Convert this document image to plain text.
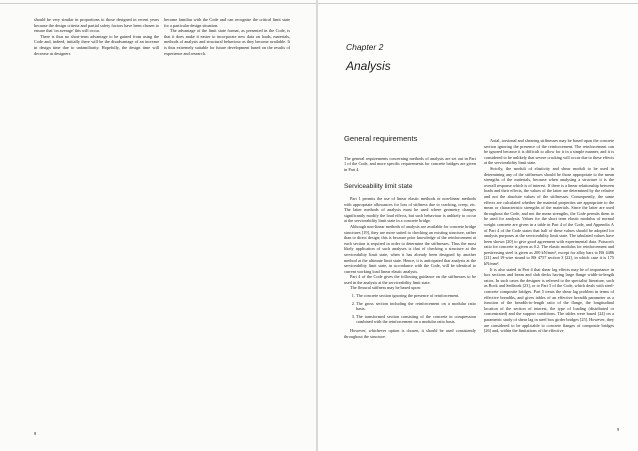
should be very similar in proportions to those designed in recent years because the design criteria and partial safety factors have been chosen to ensure that 'on average' this will occur.

There is thus no short-term advantage to be gained from using the Code and, indeed, initially there will be the disadvantage of an increase in design time due to unfamiliarity. Hopefully, the design time will decrease as designers

become familiar with the Code and can recognise the critical limit state for a particular design situation.

The advantage of the limit state format, as presented in the Code, is that it does make it easier to incorporate new data on loads, materials, methods of analysis and structural behaviour as they become available. It is thus extremely suitable for future development based on the results of experience and research.

8
Chapter 2
Analysis
General requirements

The general requirements concerning methods of analysis are set out in Part 1 of the Code, and more specific requirements for concrete bridges are given in Part 4.

Serviceability limit state

Part 1 permits the use of linear elastic methods or non-linear methods with appropriate allowances for loss of stiffness due to cracking, creep, etc. The latter methods of analysis must be used where geometry changes significantly modify the load effects, but such behaviour is unlikely to occur at the serviceability limit state in a concrete bridge.

Although non-linear methods of analysis are available for concrete bridge structures [19], they are more suited to checking an existing structure, rather than to direct design; this is because prior knowledge of the reinforcement at each section is required in order to determine the stiffnesses. Thus the most likely application of such analyses is that of checking a structure at the serviceability limit state, when it has already been designed by another method at the ultimate limit state. Hence, it is anticipated that analysis at the serviceability limit state, in accordance with the Code, will be identical to current working load linear elastic analysis.

Part 4 of the Code gives the following guidance on the stiffnesses to be used in the analysis at the serviceability limit state.

The flexural stiffness may be based upon:

1. The concrete section ignoring the presence of reinforcement.
2. The gross section including the reinforcement on a modular ratio basis.
3. The transformed section consisting of the concrete in compression combined with the reinforcement on a modular ratio basis.

However, whichever option is chosen, it should be used consistently throughout the structure.

Axial, torsional and shearing stiffnesses may be based upon the concrete section ignoring the presence of the reinforcement. The reinforcement can be ignored because it is difficult to allow for it in a simple manner, and it is considered to be unlikely that severe cracking will occur due to these effects at the serviceability limit state.

Strictly, the moduli of elasticity and shear moduli to be used in determining any of the stiffnesses should be those appropriate to the mean strengths of the materials, because when analysing a structure it is the overall response which is of interest. If there is a linear relationship between loads and their effects, the values of the latter are determined by the relative and not the absolute values of the stiffnesses. Consequently, the same effects are calculated whether the material properties are appropriate to the mean or characteristic strengths of the materials. Since the latter are used throughout the Code, and not the mean strengths, the Code permits them to be used for analysis. Values for the short term elastic modulus of normal weight concrete are given in a table in Part 4 of the Code, and Appendix A of Part 4 of the Code states that half of these values should be adopted for analysis purposes at the serviceability limit state. The tabulated values have been shown [20] to give good agreement with experimental data. Poisson's ratio for concrete is given as 0.2. The elastic modulus for reinforcement and prestressing steel is given as 200 kN/mm², except for alloy bars to BS 4486 [21] and 19-wire strand to BS 4757 section 3 [22], in which case it is 175 kN/mm².

It is also stated in Part 4 that shear lag effects may be of importance in box sections and beam and slab decks having large flange width-to-length ratios. In such cases the designer is referred to the specialist literature, such as Rock and Sedlacek [23], or to Part 5 of the Code, which deals with steel-concrete composite bridges. Part 5 treats the shear lag problem in terms of effective breadths, and gives tables of an effective breadth parameter as a function of the breadth-to-length ratio of the flange, the longitudinal location of the section of interest, the type of loading (distributed or concentrated) and the support conditions. The tables were based [24] on a parametric study of shear lag in steel box girder bridges [25]. However, they are considered to be applicable to concrete flanges of composite bridges [26] and, within the limitations of the effective

9
